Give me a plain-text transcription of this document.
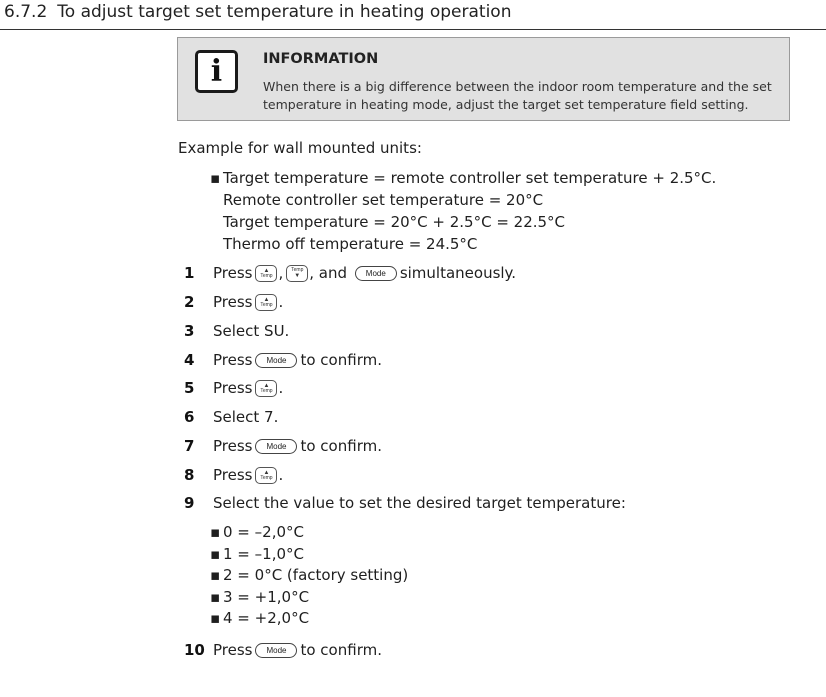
6.7.2 To adjust target set temperature in heating operation
i	INFORMATION
When there is a big difference between the indoor room temperature and the set temperature in heating mode, adjust the target set temperature field setting.
Example for wall mounted units:
▪ Target temperature = remote controller set temperature + 2.5°C.
Remote controller set temperature = 20°C
Target temperature = 20°C + 2.5°C = 22.5°C
Thermo off temperature = 24.5°C
1	Press ▲
Temp , Temp
▼ , and
	Mode simultaneously.
2	Press ▲
Temp .
3	Select SU.
4	Press	Mode to confirm.
5	Press ▲
Temp .
6	Select 7.
7	Press	Mode to confirm.
8	Press ▲
Temp .
9	Select the value to set the desired target temperature:
▪ 0 = –2,0°C
▪ 1 = –1,0°C
▪ 2 = 0°C (factory setting)
▪ 3 = +1,0°C
▪ 4 = +2,0°C
10 Press	Mode to confirm.
